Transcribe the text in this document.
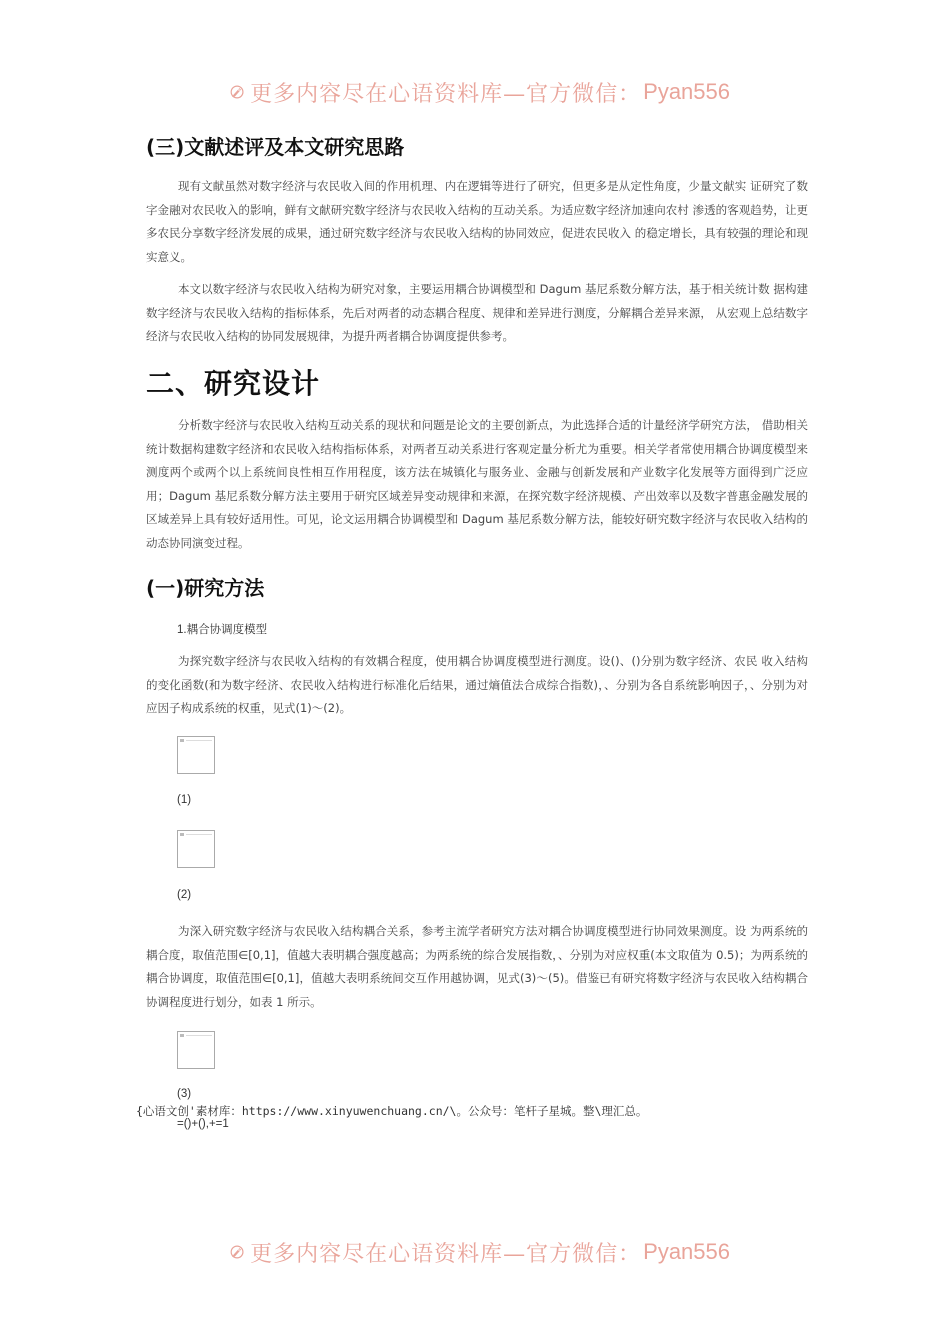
更多内容尽在心语资料库—官方微信： Pyan556
(三)文献述评及本文研究思路

现有文献虽然对数字经济与农民收入间的作用机理、内在逻辑等进行了研究，但更多是从定性角度，少量文献实 证研究了数字金融对农民收入的影响，鲜有文献研究数字经济与农民收入结构的互动关系。为适应数字经济加速向农村 渗透的客观趋势，让更多农民分享数字经济发展的成果，通过研究数字经济与农民收入结构的协同效应，促进农民收入 的稳定增长，具有较强的理论和现实意义。

本文以数字经济与农民收入结构为研究对象，主要运用耦合协调模型和 Dagum 基尼系数分解方法，基于相关统计数 据构建数字经济与农民收入结构的指标体系，先后对两者的动态耦合程度、规律和差异进行测度，分解耦合差异来源， 从宏观上总结数字经济与农民收入结构的协同发展规律，为提升两者耦合协调度提供参考。

二、研究设计

分析数字经济与农民收入结构互动关系的现状和问题是论文的主要创新点，为此选择合适的计量经济学研究方法， 借助相关统计数据构建数字经济和农民收入结构指标体系，对两者互动关系进行客观定量分析尤为重要。相关学者常使用耦合协调度模型来测度两个或两个以上系统间良性相互作用程度，该方法在城镇化与服务业、金融与创新发展和产业数字化发展等方面得到广泛应用；Dagum 基尼系数分解方法主要用于研究区域差异变动规律和来源，在探究数字经济规模、产出效率以及数字普惠金融发展的区域差异上具有较好适用性。可见，论文运用耦合协调模型和 Dagum 基尼系数分解方法，能较好研究数字经济与农民收入结构的动态协同演变过程。

(一)研究方法

1.耦合协调度模型

为探究数字经济与农民收入结构的有效耦合程度，使用耦合协调度模型进行测度。设()、()分别为数字经济、农民 收入结构的变化函数(和为数字经济、农民收入结构进行标准化后结果，通过熵值法合成综合指数)，、分别为各自系统影响因子，、分别为对应因子构成系统的权重，见式(1)～(2)。

(1)

(2)

为深入研究数字经济与农民收入结构耦合关系，参考主流学者研究方法对耦合协调度模型进行协同效果测度。设 为两系统的耦合度，取值范围∈[0,1]，值越大表明耦合强度越高；为两系统的综合发展指数，、分别为对应权重(本文取值为 0.5)；为两系统的耦合协调度，取值范围∈[0,1]，值越大表明系统间交互作用越协调，见式(3)～(5)。借鉴已有研究将数字经济与农民收入结构耦合协调程度进行划分，如表 1 所示。

(3)

{心语文创'素材库：https://www.xinyuwenchuang.cn/\。公众号：笔杆子星城。整\理汇总。

=()+(),+=1

更多内容尽在心语资料库—官方微信： Pyan556
